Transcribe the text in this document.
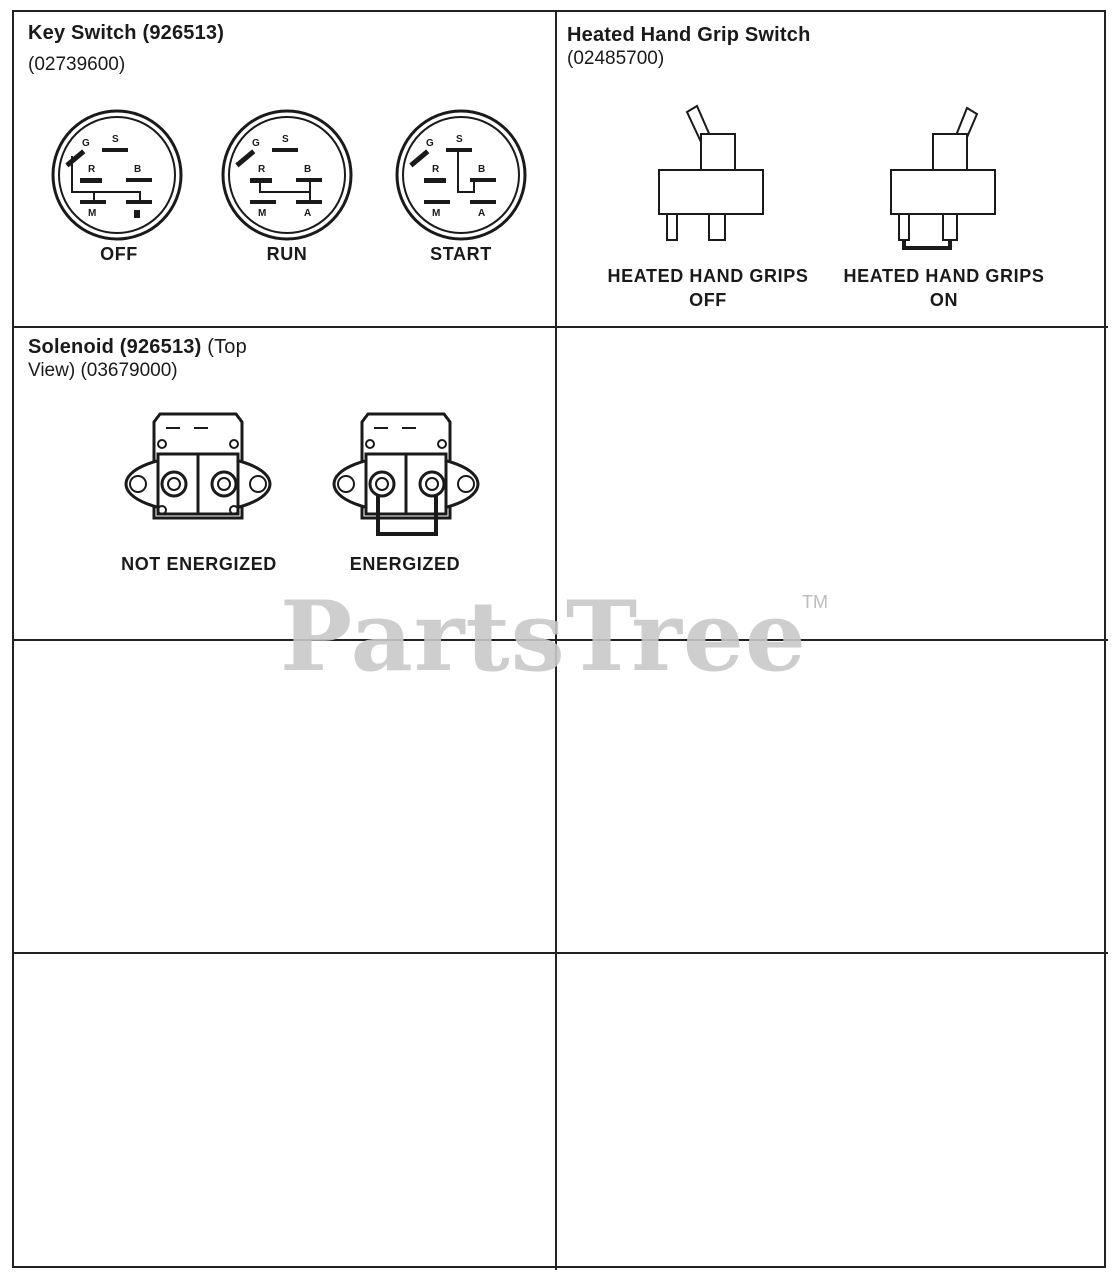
Key Switch (926513)
(02739600)
G S
R	B
M
OFF
G S
R	B
M	A
RUN
G S
R	B
M	A
START
Heated Hand Grip Switch
(02485700)
HEATED HAND GRIPS
OFF
HEATED HAND GRIPS
ON
Solenoid (926513) (Top
View) (03679000)
NOT ENERGIZED	ENERGIZED
PartsTree
TM
